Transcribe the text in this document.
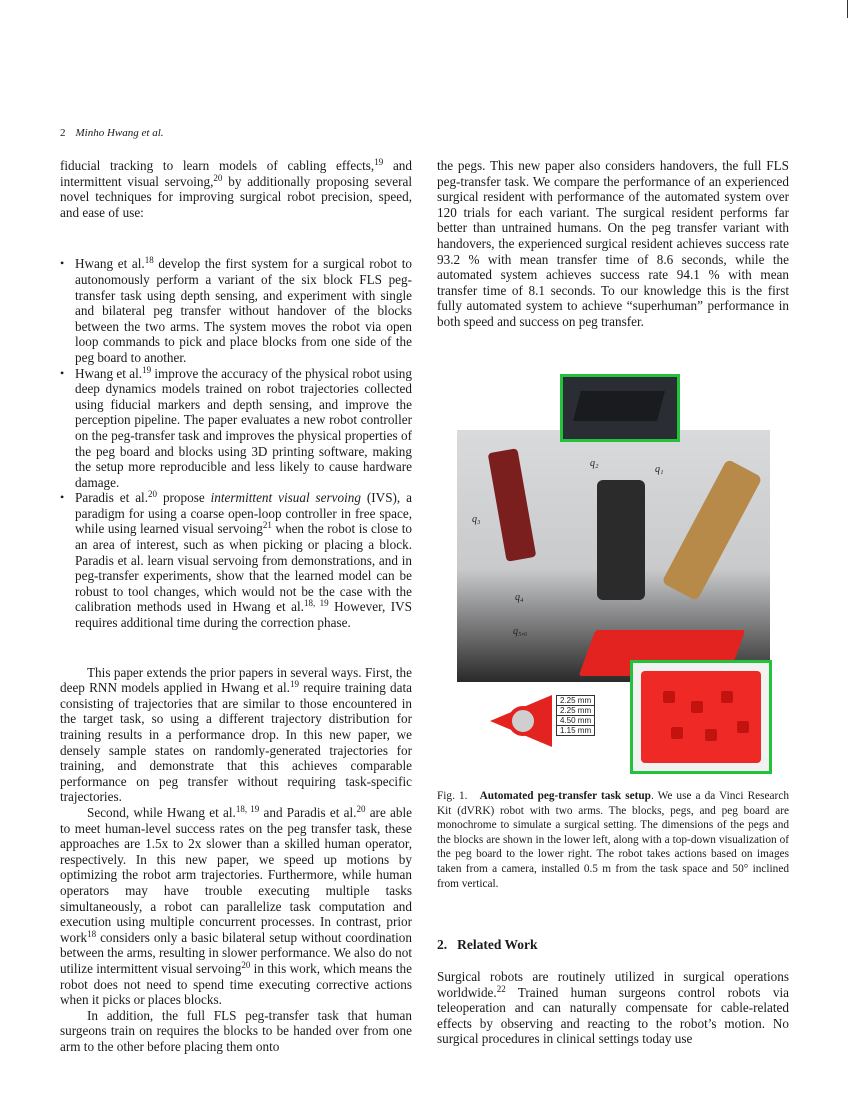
2 Minho Hwang et al.

fiducial tracking to learn models of cabling effects,$^{19}$ and intermittent visual servoing,$^{20}$ by additionally proposing several novel techniques for improving surgical robot precision, speed, and ease of use:

• Hwang et al.$^{18}$ develop the first system for a surgical robot to autonomously perform a variant of the six block FLS peg-transfer task using depth sensing, and experiment with single and bilateral peg transfer without handover of the blocks between the two arms. The system moves the robot via open loop commands to pick and place blocks from one side of the peg board to another.
• Hwang et al.$^{19}$ improve the accuracy of the physical robot using deep dynamics models trained on robot trajectories collected using fiducial markers and depth sensing, and improve the perception pipeline. The paper evaluates a new robot controller on the peg-transfer task and improves the physical properties of the peg board and blocks using 3D printing software, making the setup more reproducible and less likely to cause hardware damage.
• Paradis et al.$^{20}$ propose intermittent visual servoing (IVS), a paradigm for using a coarse open-loop controller in free space, while using learned visual servoing$^{21}$ when the robot is close to an area of interest, such as when picking or placing a block. Paradis et al. learn visual servoing from demonstrations, and in peg-transfer experiments, show that the learned model can be robust to tool changes, which would not be the case with the calibration methods used in Hwang et al.$^{18, 19}$ However, IVS requires additional time during the correction phase.

This paper extends the prior papers in several ways. First, the deep RNN models applied in Hwang et al.$^{19}$ require training data consisting of trajectories that are similar to those encountered in the target task, so using a different trajectory distribution for training results in a performance drop. In this new paper, we densely sample states on randomly-generated trajectories for training, and demonstrate that this achieves comparable performance on peg transfer without requiring task-specific trajectories.

Second, while Hwang et al.$^{18, 19}$ and Paradis et al.$^{20}$ are able to meet human-level success rates on the peg transfer task, these approaches are 1.5x to 2x slower than a skilled human operator, respectively. In this new paper, we speed up motions by optimizing the robot arm trajectories. Furthermore, while human operators may have trouble executing multiple tasks simultaneously, a robot can parallelize task computation and execution using multiple concurrent processes. In contrast, prior work$^{18}$ considers only a basic bilateral setup without coordination between the arms, resulting in slower performance. We also do not utilize intermittent visual servoing$^{20}$ in this work, which means the robot does not need to spend time executing corrective actions when it picks or places blocks.

In addition, the full FLS peg-transfer task that human surgeons train on requires the blocks to be handed over from one arm to the other before placing them onto

the pegs. This new paper also considers handovers, the full FLS peg-transfer task. We compare the performance of an experienced surgical resident with performance of the automated system over 120 trials for each variant. The surgical resident performs far better than untrained humans. On the peg transfer variant with handovers, the experienced surgical resident achieves success rate 93.2 % with mean transfer time of 8.6 seconds, while the automated system achieves success rate 94.1 % with mean transfer time of 8.1 seconds. To our knowledge this is the first fully automated system to achieve “superhuman” performance in both speed and success on peg transfer.

q₂
q₁
q₃
q₄
q₅,₆
2.25 mm
2.25 mm
4.50 mm
1.15 mm
Fig. 1. Automated peg-transfer task setup. We use a da Vinci Research Kit (dVRK) robot with two arms. The blocks, pegs, and peg board are monochrome to simulate a surgical setting. The dimensions of the pegs and the blocks are shown in the lower left, along with a top-down visualization of the peg board to the lower right. The robot takes actions based on images taken from a camera, installed 0.5 m from the task space and 50° inclined from vertical.
2. Related Work

Surgical robots are routinely utilized in surgical operations worldwide.$^{22}$ Trained human surgeons control robots via teleoperation and can naturally compensate for cable-related effects by observing and reacting to the robot’s motion. No surgical procedures in clinical settings today use
